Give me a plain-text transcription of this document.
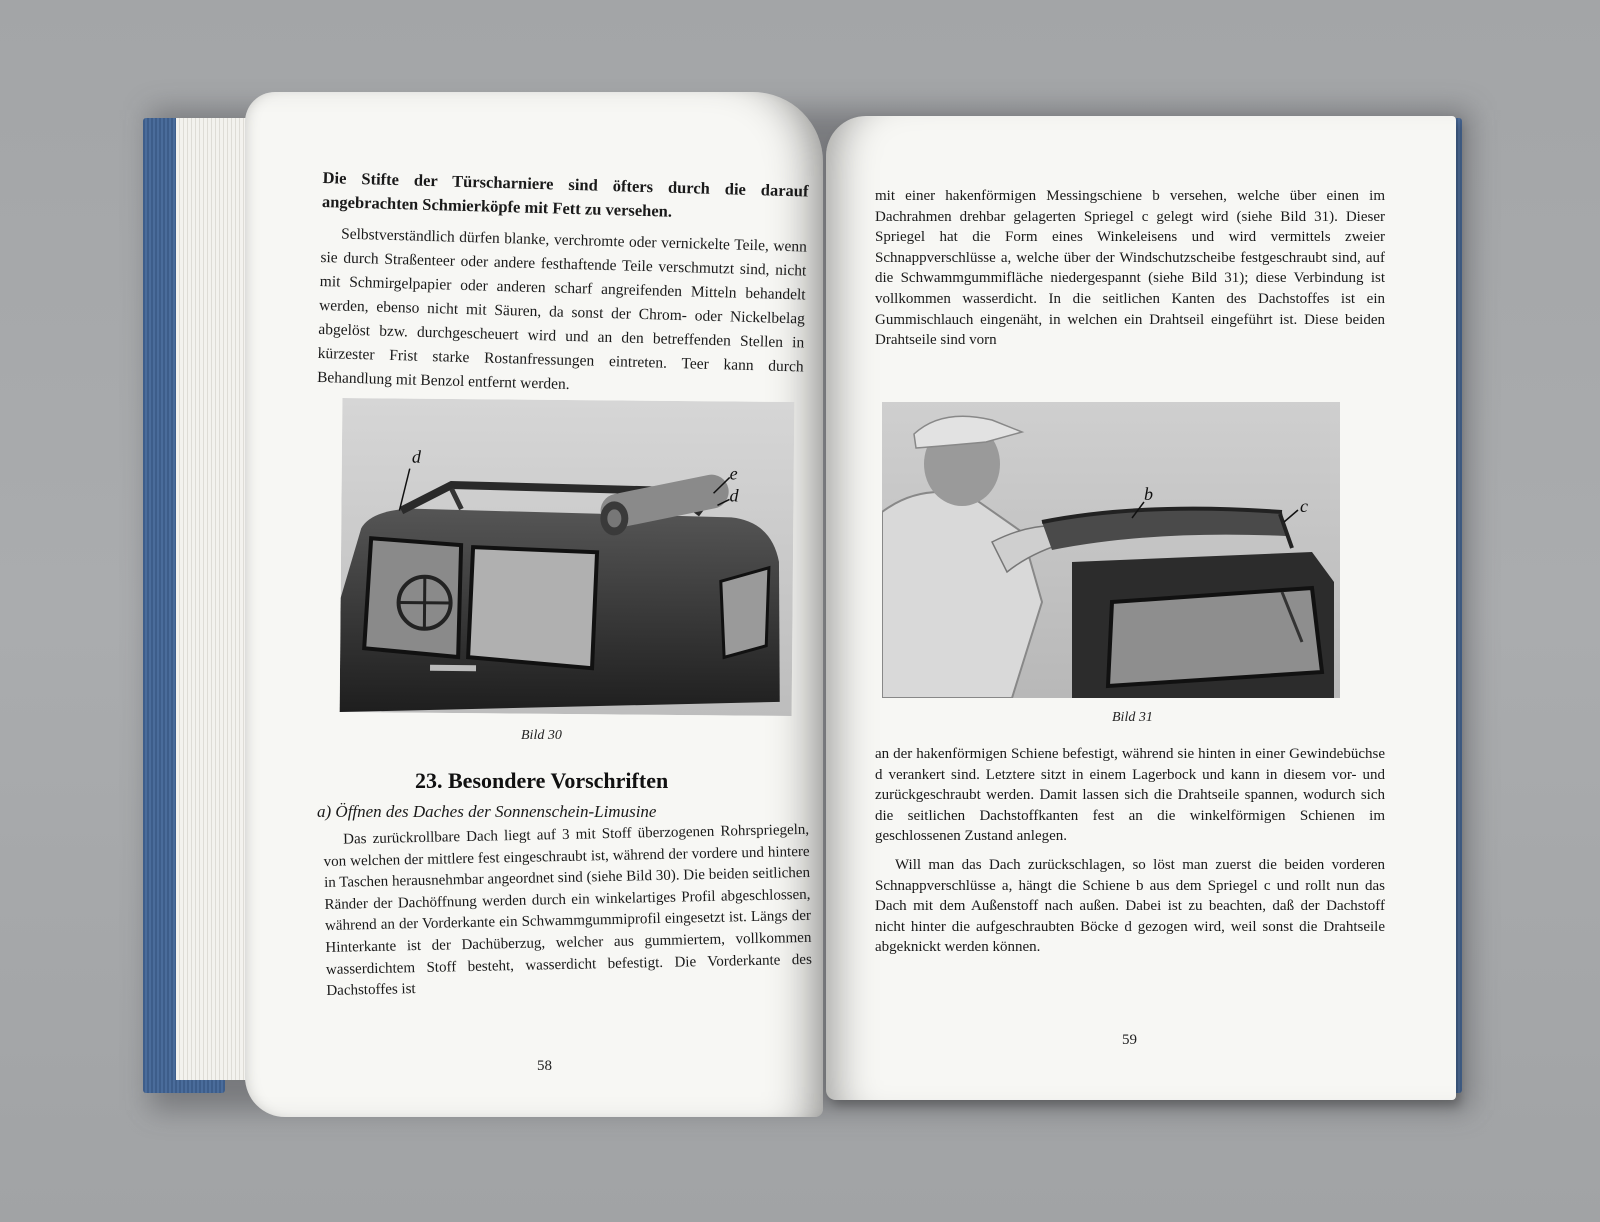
Die Stifte der Türscharniere sind öfters durch die darauf angebrachten Schmierköpfe mit Fett zu versehen.

Selbstverständlich dürfen blanke, verchromte oder vernickelte Teile, wenn sie durch Straßenteer oder andere festhaftende Teile verschmutzt sind, nicht mit Schmirgelpapier oder anderen scharf angreifenden Mitteln behandelt werden, ebenso nicht mit Säuren, da sonst der Chrom- oder Nickelbelag abgelöst bzw. durchgescheuert wird und an den betreffenden Stellen in kürzester Frist starke Rostanfressungen eintreten. Teer kann durch Behandlung mit Benzol entfernt werden.

d
e
d
Bild 30
23. Besondere Vorschriften
a) Öffnen des Daches der Sonnenschein-Limusine

Das zurückrollbare Dach liegt auf 3 mit Stoff überzogenen Rohrspriegeln, von welchen der mittlere fest eingeschraubt ist, während der vordere und hintere in Taschen herausnehmbar angeordnet sind (siehe Bild 30). Die beiden seitlichen Ränder der Dachöffnung werden durch ein winkelartiges Profil abgeschlossen, während an der Vorderkante ein Schwammgummiprofil eingesetzt ist. Längs der Hinterkante ist der Dachüberzug, welcher aus gummiertem, vollkommen wasserdichtem Stoff besteht, wasserdicht befestigt. Die Vorderkante des Dachstoffes ist

58

mit einer hakenförmigen Messingschiene b versehen, welche über einen im Dachrahmen drehbar gelagerten Spriegel c gelegt wird (siehe Bild 31). Dieser Spriegel hat die Form eines Winkeleisens und wird vermittels zweier Schnappverschlüsse a, welche über der Windschutzscheibe festgeschraubt sind, auf die Schwammgummifläche niedergespannt (siehe Bild 31); diese Verbindung ist vollkommen wasserdicht. In die seitlichen Kanten des Dachstoffes ist ein Gummischlauch eingenäht, in welchen ein Drahtseil eingeführt ist. Diese beiden Drahtseile sind vorn

b
c
Bild 31

an der hakenförmigen Schiene befestigt, während sie hinten in einer Gewindebüchse d verankert sind. Letztere sitzt in einem Lagerbock und kann in diesem vor- und zurückgeschraubt werden. Damit lassen sich die Drahtseile spannen, wodurch sich die seitlichen Dachstoffkanten fest an die winkelförmigen Schienen im geschlossenen Zustand anlegen.

Will man das Dach zurückschlagen, so löst man zuerst die beiden vorderen Schnappverschlüsse a, hängt die Schiene b aus dem Spriegel c und rollt nun das Dach mit dem Außenstoff nach außen. Dabei ist zu beachten, daß der Dachstoff nicht hinter die aufgeschraubten Böcke d gezogen wird, weil sonst die Drahtseile abgeknickt werden können.

59
